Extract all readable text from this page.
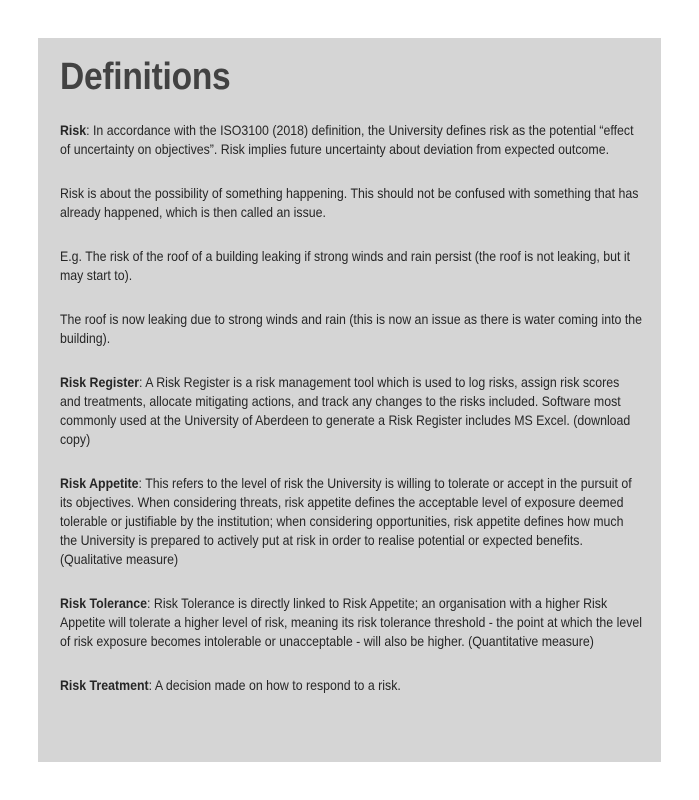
Definitions

Risk: In accordance with the ISO3100 (2018) definition, the University defines risk as the potential “effect of uncertainty on objectives”. Risk implies future uncertainty about deviation from expected outcome.

Risk is about the possibility of something happening. This should not be confused with something that has already happened, which is then called an issue.

E.g. The risk of the roof of a building leaking if strong winds and rain persist (the roof is not leaking, but it may start to).

The roof is now leaking due to strong winds and rain (this is now an issue as there is water coming into the building).

Risk Register: A Risk Register is a risk management tool which is used to log risks, assign risk scores and treatments, allocate mitigating actions, and track any changes to the risks included. Software most commonly used at the University of Aberdeen to generate a Risk Register includes MS Excel. (download copy)

Risk Appetite: This refers to the level of risk the University is willing to tolerate or accept in the pursuit of its objectives. When considering threats, risk appetite defines the acceptable level of exposure deemed tolerable or justifiable by the institution; when considering opportunities, risk appetite defines how much the University is prepared to actively put at risk in order to realise potential or expected benefits. (Qualitative measure)

Risk Tolerance: Risk Tolerance is directly linked to Risk Appetite; an organisation with a higher Risk Appetite will tolerate a higher level of risk, meaning its risk tolerance threshold - the point at which the level of risk exposure becomes intolerable or unacceptable - will also be higher. (Quantitative measure)

Risk Treatment: A decision made on how to respond to a risk.
